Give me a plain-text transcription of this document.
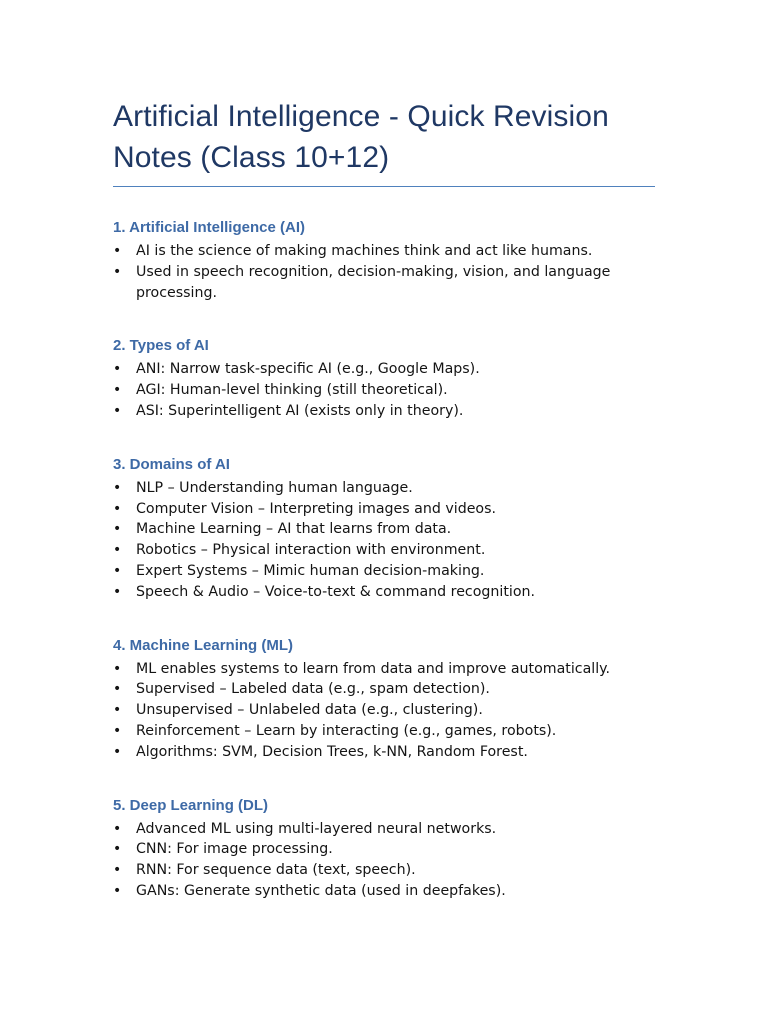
Artificial Intelligence - Quick Revision Notes (Class 10+12)
1. Artificial Intelligence (AI)
• AI is the science of making machines think and act like humans.
• Used in speech recognition, decision-making, vision, and language processing.
2. Types of AI
• ANI: Narrow task-specific AI (e.g., Google Maps).
• AGI: Human-level thinking (still theoretical).
• ASI: Superintelligent AI (exists only in theory).
3. Domains of AI
• NLP – Understanding human language.
• Computer Vision – Interpreting images and videos.
• Machine Learning – AI that learns from data.
• Robotics – Physical interaction with environment.
• Expert Systems – Mimic human decision-making.
• Speech & Audio – Voice-to-text & command recognition.
4. Machine Learning (ML)
• ML enables systems to learn from data and improve automatically.
• Supervised – Labeled data (e.g., spam detection).
• Unsupervised – Unlabeled data (e.g., clustering).
• Reinforcement – Learn by interacting (e.g., games, robots).
• Algorithms: SVM, Decision Trees, k-NN, Random Forest.
5. Deep Learning (DL)
• Advanced ML using multi-layered neural networks.
• CNN: For image processing.
• RNN: For sequence data (text, speech).
• GANs: Generate synthetic data (used in deepfakes).
